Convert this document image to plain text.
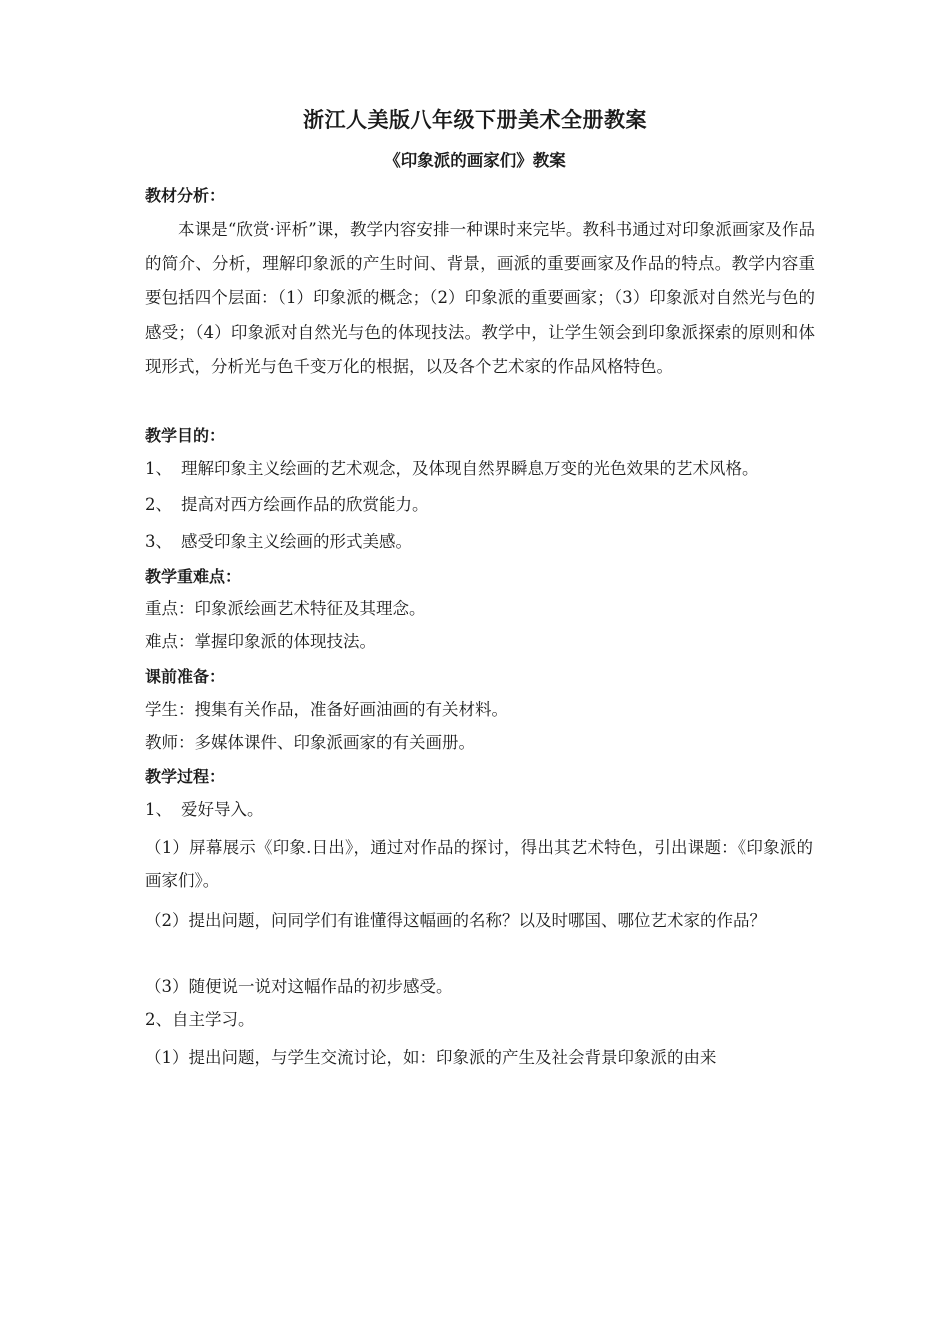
浙江人美版八年级下册美术全册教案
《印象派的画家们》教案
教材分析：
本课是“欣赏·评析”课，教学内容安排一种课时来完毕。教科书通过对印象派画家及作品的简介、分析，理解印象派的产生时间、背景，画派的重要画家及作品的特点。教学内容重要包括四个层面：（1）印象派的概念；（2）印象派的重要画家；（3）印象派对自然光与色的感受；（4）印象派对自然光与色的体现技法。教学中，让学生领会到印象派探索的原则和体现形式，分析光与色千变万化的根据，以及各个艺术家的作品风格特色。
教学目的：
1、 理解印象主义绘画的艺术观念，及体现自然界瞬息万变的光色效果的艺术风格。
2、 提高对西方绘画作品的欣赏能力。
3、 感受印象主义绘画的形式美感。
教学重难点：
重点：印象派绘画艺术特征及其理念。
难点：掌握印象派的体现技法。
课前准备：
学生：搜集有关作品，准备好画油画的有关材料。
教师：多媒体课件、印象派画家的有关画册。
教学过程：
1、 爱好导入。
（1）屏幕展示《印象.日出》，通过对作品的探讨，得出其艺术特色，引出课题：《印象派的画家们》。
（2）提出问题，问同学们有谁懂得这幅画的名称？以及时哪国、哪位艺术家的作品？
（3）随便说一说对这幅作品的初步感受。
2、自主学习。
（1）提出问题，与学生交流讨论，如：印象派的产生及社会背景印象派的由来
